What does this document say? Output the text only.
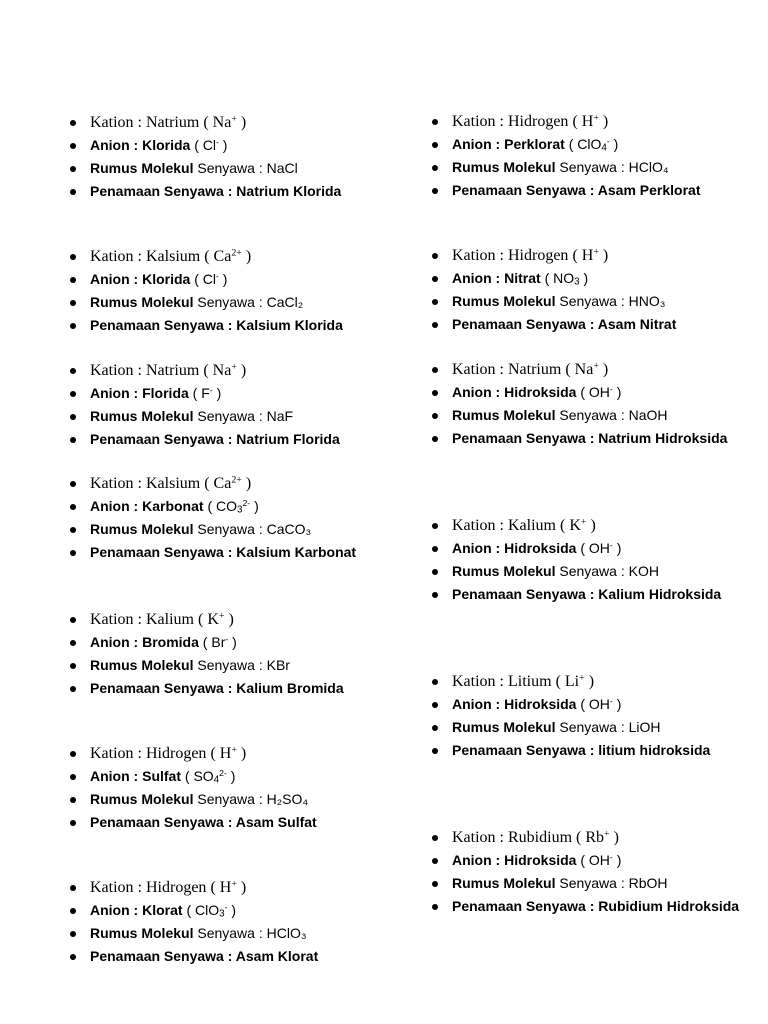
Kation : Natrium ( Na+ )
Anion : Klorida ( Cl- )
Rumus Molekul Senyawa : NaCl
Penamaan Senyawa : Natrium Klorida
Kation : Kalsium ( $Ca^{2+}$ )
Anion : Klorida ( Cl- )
Rumus Molekul Senyawa : CaCl₂
Penamaan Senyawa : Kalsium Klorida
Kation : Natrium ( Na+ )
Anion : Florida ( F- )
Rumus Molekul Senyawa : NaF
Penamaan Senyawa : Natrium Florida
Kation : Kalsium ( $Ca^{2+}$ )
Anion : Karbonat ( $CO_3^{2-}$ )
Rumus Molekul Senyawa : CaCO₃
Penamaan Senyawa : Kalsium Karbonat
Kation : Kalium ( K+ )
Anion : Bromida ( Br- )
Rumus Molekul Senyawa : KBr
Penamaan Senyawa : Kalium Bromida
Kation : Hidrogen ( H+ )
Anion : Sulfat ( $SO_4^{2-}$ )
Rumus Molekul Senyawa : H₂SO₄
Penamaan Senyawa : Asam Sulfat
Kation : Hidrogen ( H+ )
Anion : Klorat ( ClO$_3$- )
Rumus Molekul Senyawa : HClO₃
Penamaan Senyawa : Asam Klorat
Kation : Hidrogen ( H+ )
Anion : Perklorat ( ClO$_4$- )
Rumus Molekul Senyawa : HClO₄
Penamaan Senyawa : Asam Perklorat
Kation : Hidrogen ( H+ )
Anion : Nitrat ( $NO_3$ )
Rumus Molekul Senyawa : HNO₃
Penamaan Senyawa : Asam Nitrat
Kation : Natrium ( Na+ )
Anion : Hidroksida ( OH- )
Rumus Molekul Senyawa : NaOH
Penamaan Senyawa : Natrium Hidroksida
Kation : Kalium ( K+ )
Anion : Hidroksida ( OH- )
Rumus Molekul Senyawa : KOH
Penamaan Senyawa : Kalium Hidroksida
Kation : Litium ( Li+ )
Anion : Hidroksida ( OH- )
Rumus Molekul Senyawa : LiOH
Penamaan Senyawa : litium hidroksida
Kation : Rubidium ( Rb+ )
Anion : Hidroksida ( OH- )
Rumus Molekul Senyawa : RbOH
Penamaan Senyawa : Rubidium Hidroksida
